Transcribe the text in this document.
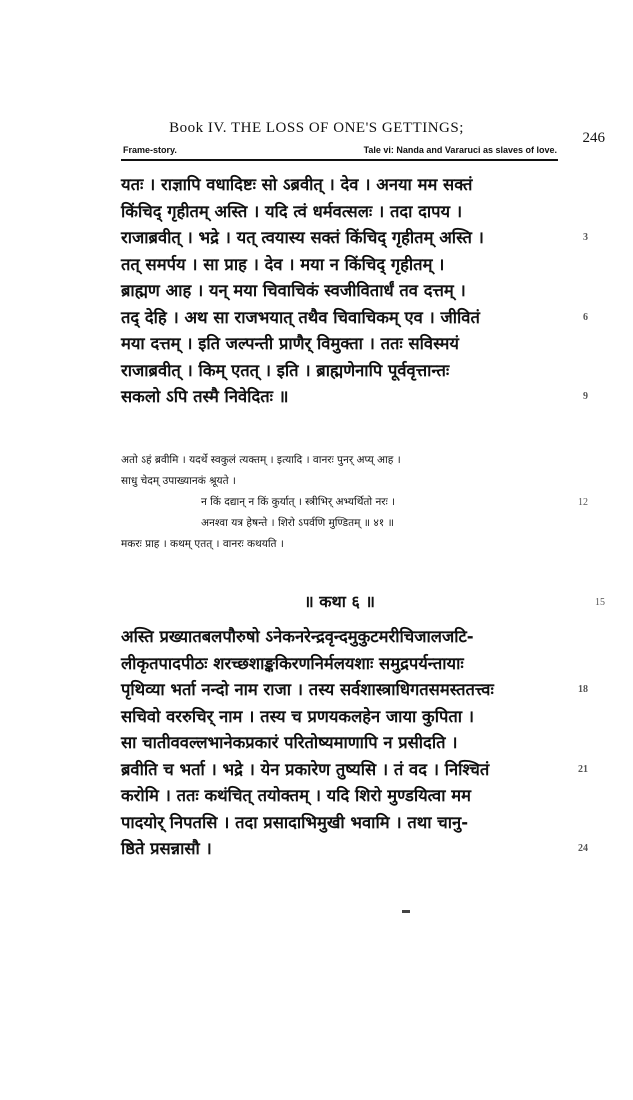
Book IV. THE LOSS OF ONE'S GETTINGS;
246
Frame-story.	Tale vi: Nanda and Vararuci as slaves of love.
यतः । राज्ञापि वधादिष्टः सो ऽब्रवीत् । देव । अनया मम सक्तं
किंचिद् गृहीतम् अस्ति । यदि त्वं धर्मवत्सलः । तदा दापय ।
राजाब्रवीत् । भद्रे । यत् त्वयास्य सक्तं किंचिद् गृहीतम् अस्ति ।	3
तत् समर्पय । सा प्राह । देव । मया न किंचिद् गृहीतम् ।
ब्राह्मण आह । यन् मया चिवाचिकं स्वजीवितार्धं तव दत्तम् ।
तद् देहि । अथ सा राजभयात् तथैव चिवाचिकम् एव । जीवितं	6
मया दत्तम् । इति जल्पन्ती प्राणैर् विमुक्ता । ततः सविस्मयं
राजाब्रवीत् । किम् एतत् । इति । ब्राह्मणेनापि पूर्ववृत्तान्तः
सकलो ऽपि तस्मै निवेदितः ॥	9
अतो ऽहं ब्रवीमि । यदर्थे स्वकुलं त्यक्तम् । इत्यादि । वानरः पुनर् अप्य् आह ।
साधु चेदम् उपाख्यानकं श्रूयते ।
न किं दद्यान् न किं कुर्यात् । स्त्रीभिर् अभ्यर्थितो नरः ।	12
अनश्वा यत्र हेषन्ते । शिरो ऽपर्वणि मुण्डितम् ॥ ४१ ॥
मकरः प्राह । कथम् एतत् । वानरः कथयति ।
॥ कथा ६ ॥	15
अस्ति प्रख्यातबलपौरुषो ऽनेकनरेन्द्रवृन्दमुकुटमरीचिजालजटि-
लीकृतपादपीठः शरच्छशाङ्ककिरणनिर्मलयशाः समुद्रपर्यन्तायाः
पृथिव्या भर्ता नन्दो नाम राजा । तस्य सर्वशास्त्राधिगतसमस्ततत्त्वः	18
सचिवो वररुचिर् नाम । तस्य च प्रणयकलहेन जाया कुपिता ।
सा चातीववल्लभानेकप्रकारं परितोष्यमाणापि न प्रसीदति ।
ब्रवीति च भर्ता । भद्रे । येन प्रकारेण तुष्यसि । तं वद । निश्चितं	21
करोमि । ततः कथंचित् तयोक्तम् । यदि शिरो मुण्डयित्वा मम
पादयोर् निपतसि । तदा प्रसादाभिमुखी भवामि । तथा चानु-
ष्ठिते प्रसन्नासौ ।	24
